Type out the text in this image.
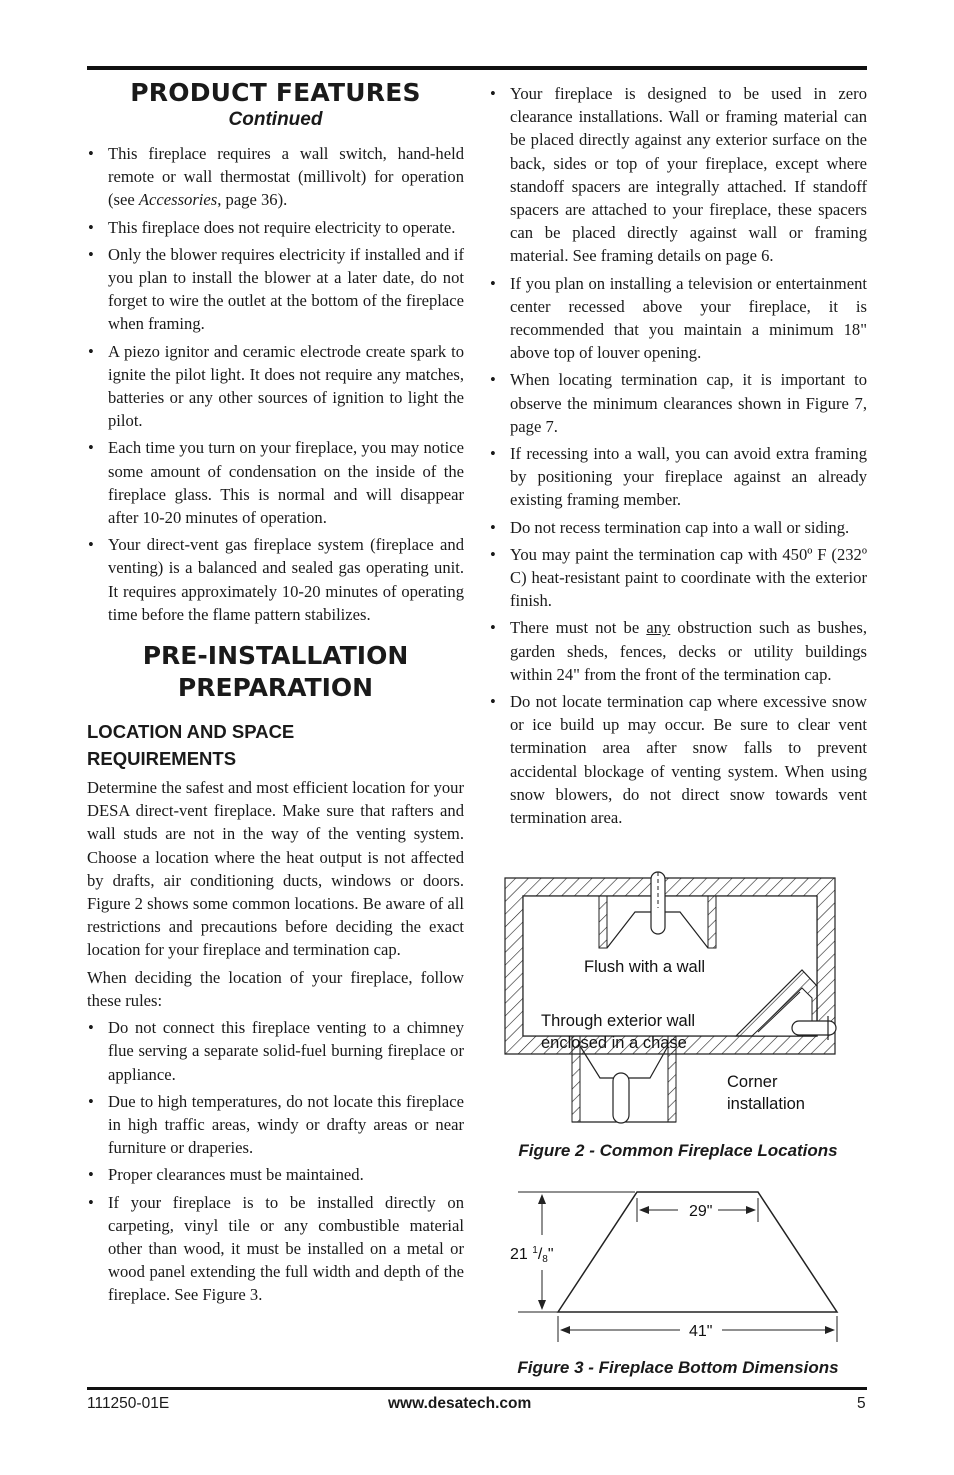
PRODUCT FEATURES
Continued
• This fireplace requires a wall switch, hand-held remote or wall thermostat (millivolt) for operation (see Accessories, page 36).
• This fireplace does not require electricity to operate.
• Only the blower requires electricity if installed and if you plan to install the blower at a later date, do not forget to wire the outlet at the bottom of the fireplace when framing.
• A piezo ignitor and ceramic electrode create spark to ignite the pilot light. It does not require any matches, batteries or any other sources of ignition to light the pilot.
• Each time you turn on your fireplace, you may notice some amount of condensation on the inside of the fireplace glass. This is normal and will disappear after 10-20 minutes of operation.
• Your direct-vent gas fireplace system (fireplace and venting) is a balanced and sealed gas operating unit. It requires approximately 10-20 minutes of operating time before the flame pattern stabilizes.
PRE-INSTALLATION
PREPARATION
LOCATION AND SPACE
REQUIREMENTS

Determine the safest and most efficient location for your DESA direct-vent fireplace. Make sure that rafters and wall studs are not in the way of the venting system. Choose a location where the heat output is not affected by drafts, air conditioning ducts, windows or doors. Figure 2 shows some common locations. Be aware of all restrictions and precautions before deciding the exact location for your fireplace and termination cap.

When deciding the location of your fireplace, follow these rules:

• Do not connect this fireplace venting to a chimney flue serving a separate solid-fuel burning fireplace or appliance.
• Due to high temperatures, do not locate this fireplace in high traffic areas, windy or drafty areas or near furniture or draperies.
• Proper clearances must be maintained.
• If your fireplace is to be installed directly on carpeting, vinyl tile or any combustible material other than wood, it must be installed on a metal or wood panel extending the full width and depth of the fireplace. See Figure 3.
• Your fireplace is designed to be used in zero clearance installations. Wall or framing material can be placed directly against any exterior surface on the back, sides or top of your fireplace, except where standoff spacers are integrally attached. If standoff spacers are attached to your fireplace, these spacers can be placed directly against wall or framing material. See framing details on page 6.
• If you plan on installing a television or entertainment center recessed above your fireplace, it is recommended that you maintain a minimum 18" above top of louver opening.
• When locating termination cap, it is important to observe the minimum clearances shown in Figure 7, page 7.
• If recessing into a wall, you can avoid extra framing by positioning your fireplace against an already existing framing member.
• Do not recess termination cap into a wall or siding.
• You may paint the termination cap with 450º F (232º C) heat-resistant paint to coordinate with the exterior finish.
• There must not be any obstruction such as bushes, garden sheds, fences, decks or utility buildings within 24" from the front of the termination cap.
• Do not locate termination cap where excessive snow or ice build up may occur. Be sure to clear vent termination area after snow falls to prevent accidental blockage of venting system. When using snow blowers, do not direct snow towards vent termination area.
Flush with a wall
Through exterior wall
enclosed in a chase
Corner
installation
Figure 2 - Common Fireplace Locations
29"
21 $^1$/8"
41"
Figure 3 - Fireplace Bottom Dimensions
111250-01E	www.desatech.com	5
